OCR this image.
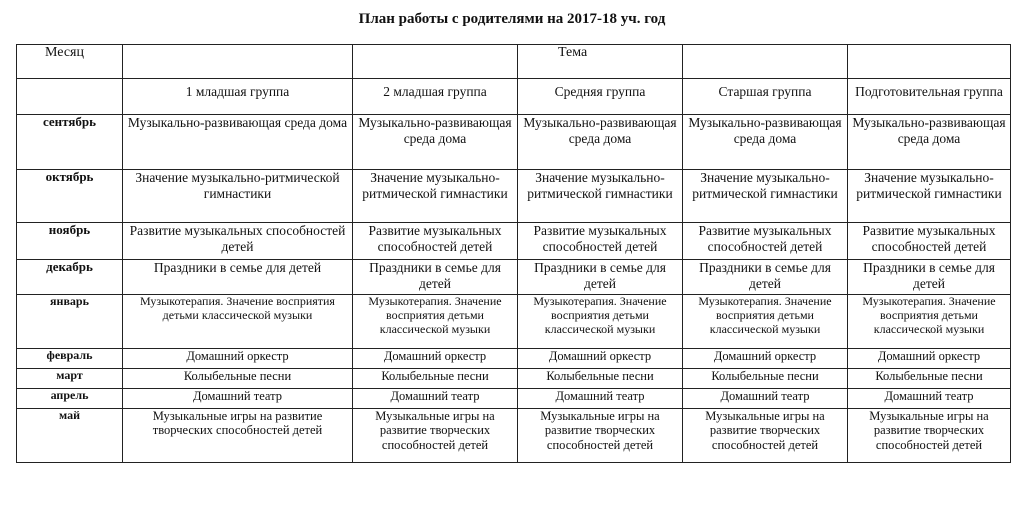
План работы с родителями на 2017-18 уч. год
Месяц			Тема		
	1 младшая группа	2 младшая группа	Средняя группа	Старшая группа	Подготовительная группа
сентябрь	Музыкально-развивающая среда дома	Музыкально-развивающая среда дома	Музыкально-развивающая среда дома	Музыкально-развивающая среда дома	Музыкально-развивающая среда дома
октябрь	Значение музыкально-ритмической гимнастики	Значение музыкально-ритмической гимнастики	Значение музыкально-ритмической гимнастики	Значение музыкально-ритмической гимнастики	Значение музыкально-ритмической гимнастики
ноябрь	Развитие музыкальных способностей детей	Развитие музыкальных способностей детей	Развитие музыкальных способностей детей	Развитие музыкальных способностей детей	Развитие музыкальных способностей детей
декабрь	Праздники в семье для детей	Праздники в семье для детей	Праздники в семье для детей	Праздники в семье для детей	Праздники в семье для детей
январь	Музыкотерапия. Значение восприятия детьми классической музыки	Музыкотерапия. Значение восприятия детьми классической музыки	Музыкотерапия. Значение восприятия детьми классической музыки	Музыкотерапия. Значение восприятия детьми классической музыки	Музыкотерапия. Значение восприятия детьми классической музыки
февраль	Домашний оркестр	Домашний оркестр	Домашний оркестр	Домашний оркестр	Домашний оркестр
март	Колыбельные песни	Колыбельные песни	Колыбельные песни	Колыбельные песни	Колыбельные песни
апрель	Домашний театр	Домашний театр	Домашний театр	Домашний театр	Домашний театр
май	Музыкальные игры на развитие творческих способностей детей	Музыкальные игры на развитие творческих способностей детей	Музыкальные игры на развитие творческих способностей детей	Музыкальные игры на развитие творческих способностей детей	Музыкальные игры на развитие творческих способностей детей
